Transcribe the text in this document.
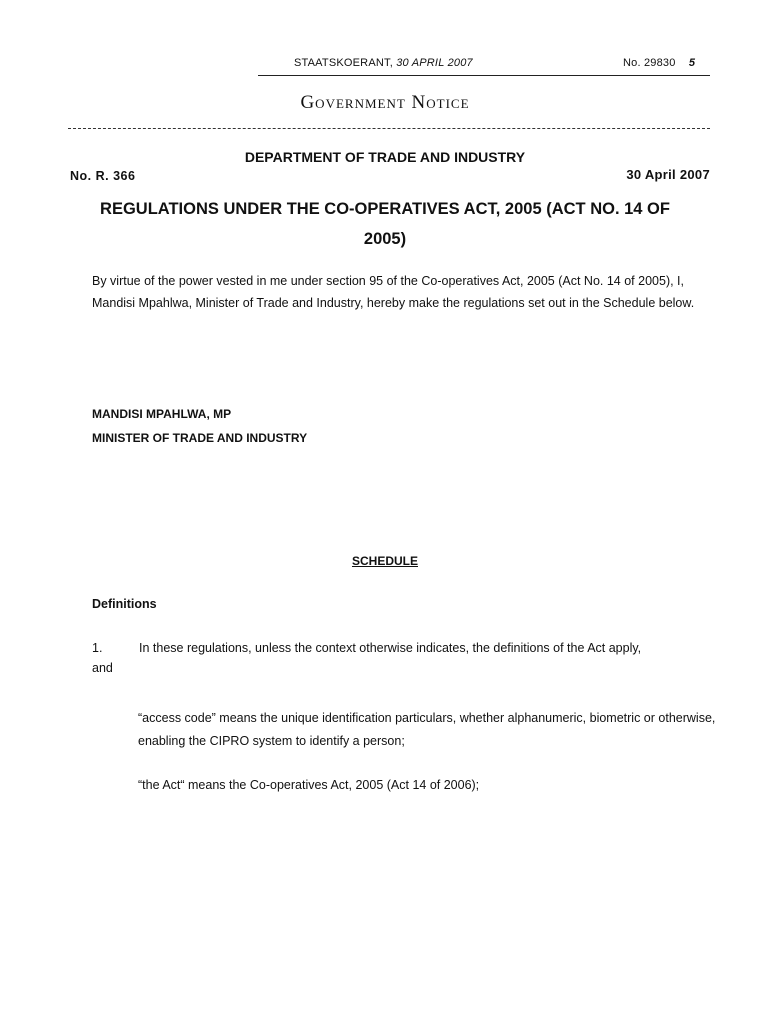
STAATSKOERANT, 30 APRIL 2007	No. 29830 5
Government Notice
DEPARTMENT OF TRADE AND INDUSTRY
No. R. 366	30 April 2007
REGULATIONS UNDER THE CO-OPERATIVES ACT, 2005 (ACT NO. 14 OF 2005)
By virtue of the power vested in me under section 95 of the Co-operatives Act, 2005 (Act No. 14 of 2005), I, Mandisi Mpahlwa, Minister of Trade and Industry, hereby make the regulations set out in the Schedule below.
MANDISI MPAHLWA, MP
MINISTER OF TRADE AND INDUSTRY
SCHEDULE
Definitions
1.	In these regulations, unless the context otherwise indicates, the definitions of the Act apply,
and
“access code” means the unique identification particulars, whether alphanumeric, biometric or otherwise, enabling the CIPRO system to identify a person;
“the Act“ means the Co-operatives Act, 2005 (Act 14 of 2006);
